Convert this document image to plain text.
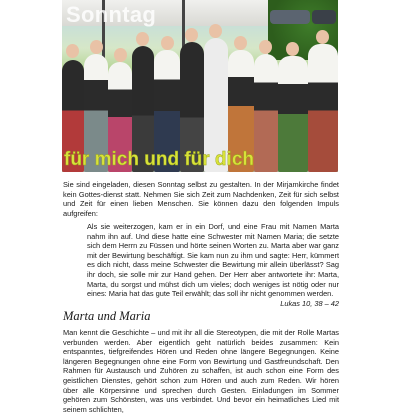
Sonntag
für mich und für dich

Sie sind eingeladen, diesen Sonntag selbst zu gestalten. In der Mirjamkirche findet kein Gottes-dienst statt. Nehmen Sie sich Zeit zum Nachdenken, Zeit für sich selbst und Zeit für einen lieben Menschen. Sie können dazu den folgenden Impuls aufgreifen:

Als sie weiterzogen, kam er in ein Dorf, und eine Frau mit Namen Marta nahm ihn auf. Und diese hatte eine Schwester mit Namen Maria; die setzte sich dem Herrn zu Füssen und hörte seinen Worten zu. Marta aber war ganz mit der Bewirtung beschäftigt. Sie kam nun zu ihm und sagte: Herr, kümmert es dich nicht, dass meine Schwester die Bewirtung mir allein überlässt? Sag ihr doch, sie solle mir zur Hand gehen. Der Herr aber antwortete ihr: Marta, Marta, du sorgst und mühst dich um vieles; doch weniges ist nötig oder nur eines: Maria hat das gute Teil erwählt; das soll ihr nicht genommen werden.
Lukas 10, 38 – 42
Marta und Maria

Man kennt die Geschichte – und mit ihr all die Stereotypen, die mit der Rolle Martas verbunden werden. Aber eigentlich geht natürlich beides zusammen: Kein entspanntes, tiefgreifendes Hören und Reden ohne längere Begegnungen. Keine längeren Begegnungen ohne eine Form von Bewirtung und Gastfreundschaft. Den Rahmen für Austausch und Zuhören zu schaffen, ist auch schon eine Form des geistlichen Dienstes, gehört schon zum Hören und auch zum Reden. Wir hören über alle Körpersinne und sprechen durch Gesten. Einladungen im Sommer gehören zum Schönsten, was uns verbindet. Und bevor ein heimatliches Lied mit seinem schlichten,
